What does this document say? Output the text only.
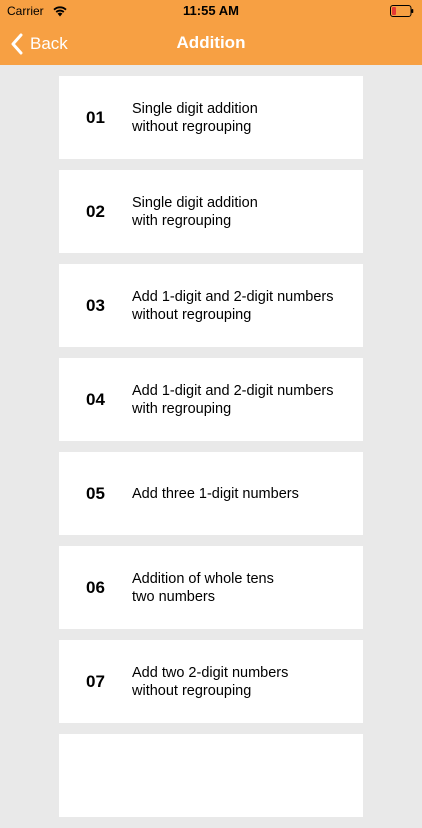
Carrier	11:55 AM
Back	Addition
01	Single digit addition
without regrouping
02	Single digit addition
with regrouping
03	Add 1-digit and 2-digit numbers
without regrouping
04	Add 1-digit and 2-digit numbers
with regrouping
05	Add three 1-digit numbers
06	Addition of whole tens
two numbers
07	Add two 2-digit numbers
without regrouping
